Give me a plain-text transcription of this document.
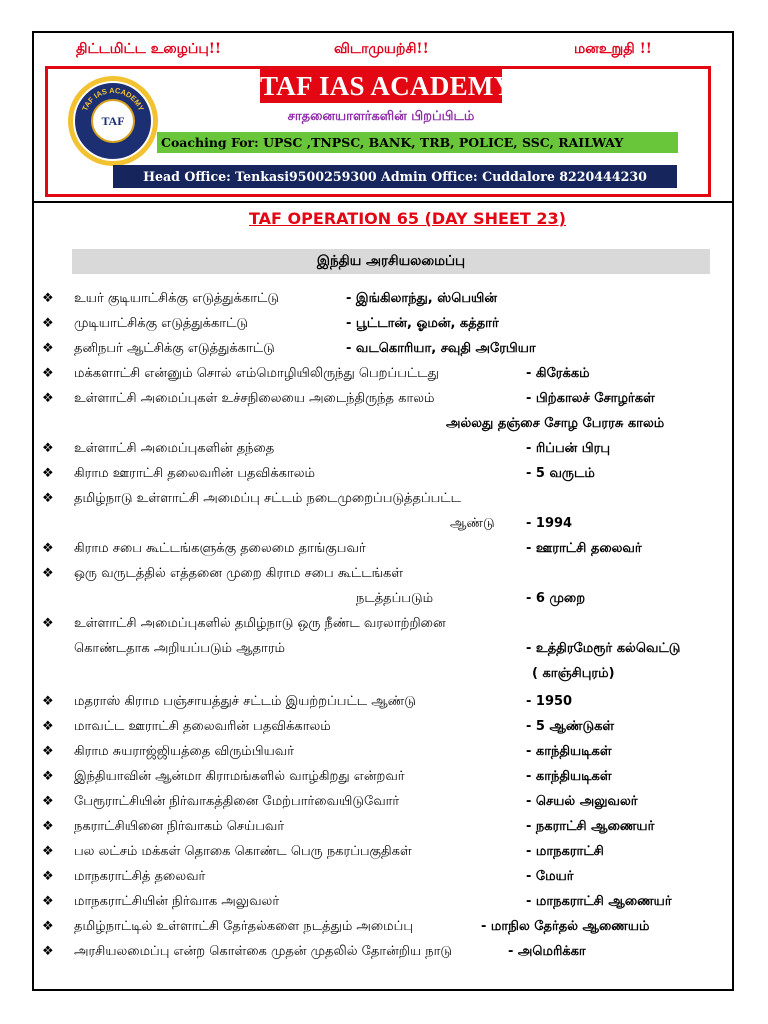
திட்டமிட்ட உழைப்பு!!	விடாமுயற்சி!!	மனஉறுதி !!
TAF IAS ACADEMY
TAF
TAF IAS ACADEMY
சாதனையாளர்களின் பிறப்பிடம்
Coaching For: UPSC ,TNPSC, BANK, TRB, POLICE, SSC, RAILWAY
Head Office: Tenkasi9500259300 Admin Office: Cuddalore 8220444230
TAF OPERATION 65 (DAY SHEET 23)
இந்திய அரசியலமைப்பு
❖ உயர் குடியாட்சிக்கு எடுத்துக்காட்டு	- இங்கிலாந்து, ஸ்பெயின்
❖ முடியாட்சிக்கு எடுத்துக்காட்டு	- பூட்டான், ஓமன், கத்தார்
❖ தனிநபர் ஆட்சிக்கு எடுத்துக்காட்டு	- வடகொரியா, சவுதி அரேபியா
❖ மக்களாட்சி என்னும் சொல் எம்மொழியிலிருந்து பெறப்பட்டது	- கிரேக்கம்
❖ உள்ளாட்சி அமைப்புகள் உச்சநிலையை அடைந்திருந்த காலம்	- பிற்காலச் சோழர்கள்
அல்லது தஞ்சை சோழ பேரரசு காலம்
❖ உள்ளாட்சி அமைப்புகளின் தந்தை	- ரிப்பன் பிரபு
❖ கிராம ஊராட்சி தலைவரின் பதவிக்காலம்	- 5 வருடம்
❖ தமிழ்நாடு உள்ளாட்சி அமைப்பு சட்டம் நடைமுறைப்படுத்தப்பட்ட
ஆண்டு - 1994
❖ கிராம சபை கூட்டங்களுக்கு தலைமை தாங்குபவர்	- ஊராட்சி தலைவர்
❖ ஒரு வருடத்தில் எத்தனை முறை கிராம சபை கூட்டங்கள்
நடத்தப்படும்	- 6 முறை
❖ உள்ளாட்சி அமைப்புகளில் தமிழ்நாடு ஒரு நீண்ட வரலாற்றினை
கொண்டதாக அறியப்படும் ஆதாரம்	- உத்திரமேரூர் கல்வெட்டு
( காஞ்சிபுரம்)
❖ மதராஸ் கிராம பஞ்சாயத்துச் சட்டம் இயற்றப்பட்ட ஆண்டு	- 1950
❖ மாவட்ட ஊராட்சி தலைவரின் பதவிக்காலம்	- 5 ஆண்டுகள்
❖ கிராம சுயராஜ்ஜியத்தை விரும்பியவர்	- காந்தியடிகள்
❖ இந்தியாவின் ஆன்மா கிராமங்களில் வாழ்கிறது என்றவர்	- காந்தியடிகள்
❖ பேரூராட்சியின் நிர்வாகத்தினை மேற்பார்வையிடுவோர்	- செயல் அலுவலர்
❖ நகராட்சியினை நிர்வாகம் செய்பவர்	- நகராட்சி ஆணையர்
❖ பல லட்சம் மக்கள் தொகை கொண்ட பெரு நகரப்பகுதிகள்	- மாநகராட்சி
❖ மாநகராட்சித் தலைவர்	- மேயர்
❖ மாநகராட்சியின் நிர்வாக அலுவலர்	- மாநகராட்சி ஆணையர்
❖ தமிழ்நாட்டில் உள்ளாட்சி தேர்தல்களை நடத்தும் அமைப்பு	- மாநில தேர்தல் ஆணையம்
❖ அரசியலமைப்பு என்ற கொள்கை முதன் முதலில் தோன்றிய நாடு	- அமெரிக்கா
